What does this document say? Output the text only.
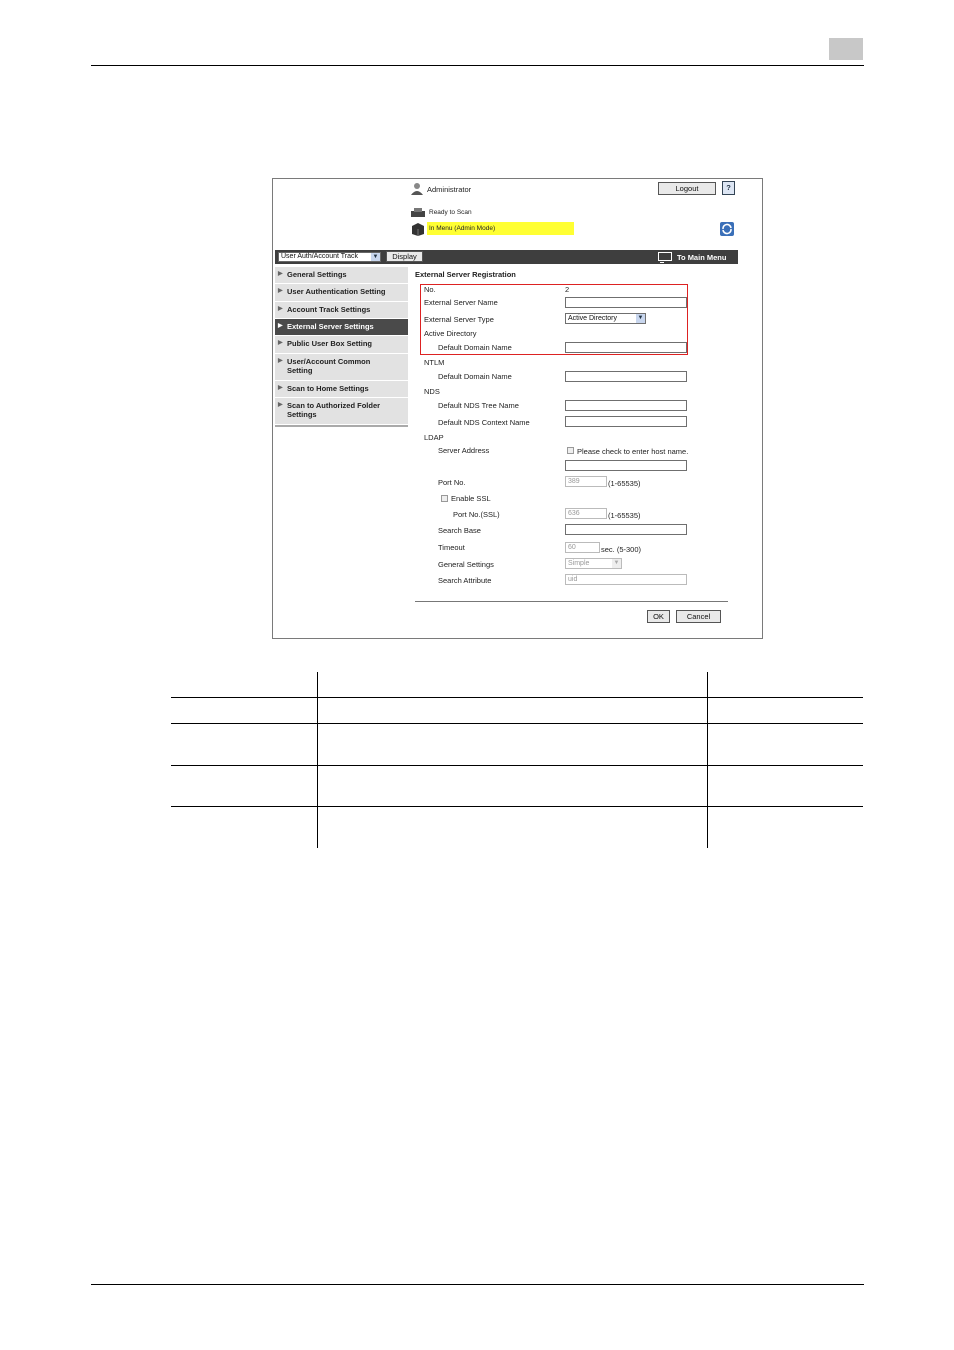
Administrator	Logout	?
Ready to Scan
In Menu (Admin Mode)
User Auth/Account Track ▼	Display	To Main Menu
▶ General Settings
▶ User Authentication Setting
▶ Account Track Settings
▶ External Server Settings
▶ Public User Box Setting
▶ User/Account Common Setting
▶ Scan to Home Settings
▶ Scan to Authorized Folder Settings
External Server Registration
No.	2
External Server Name
External Server Type	Active Directory	▼
Active Directory
Default Domain Name
NTLM
Default Domain Name
NDS
Default NDS Tree Name
Default NDS Context Name
LDAP
Server Address	Please check to enter host name.
Port No.	389	(1-65535)
Enable SSL
Port No.(SSL)	636	(1-65535)
Search Base
Timeout	60	sec. (5-300)
General Settings	Simple	▼
Search Attribute	uid
OK	Cancel
